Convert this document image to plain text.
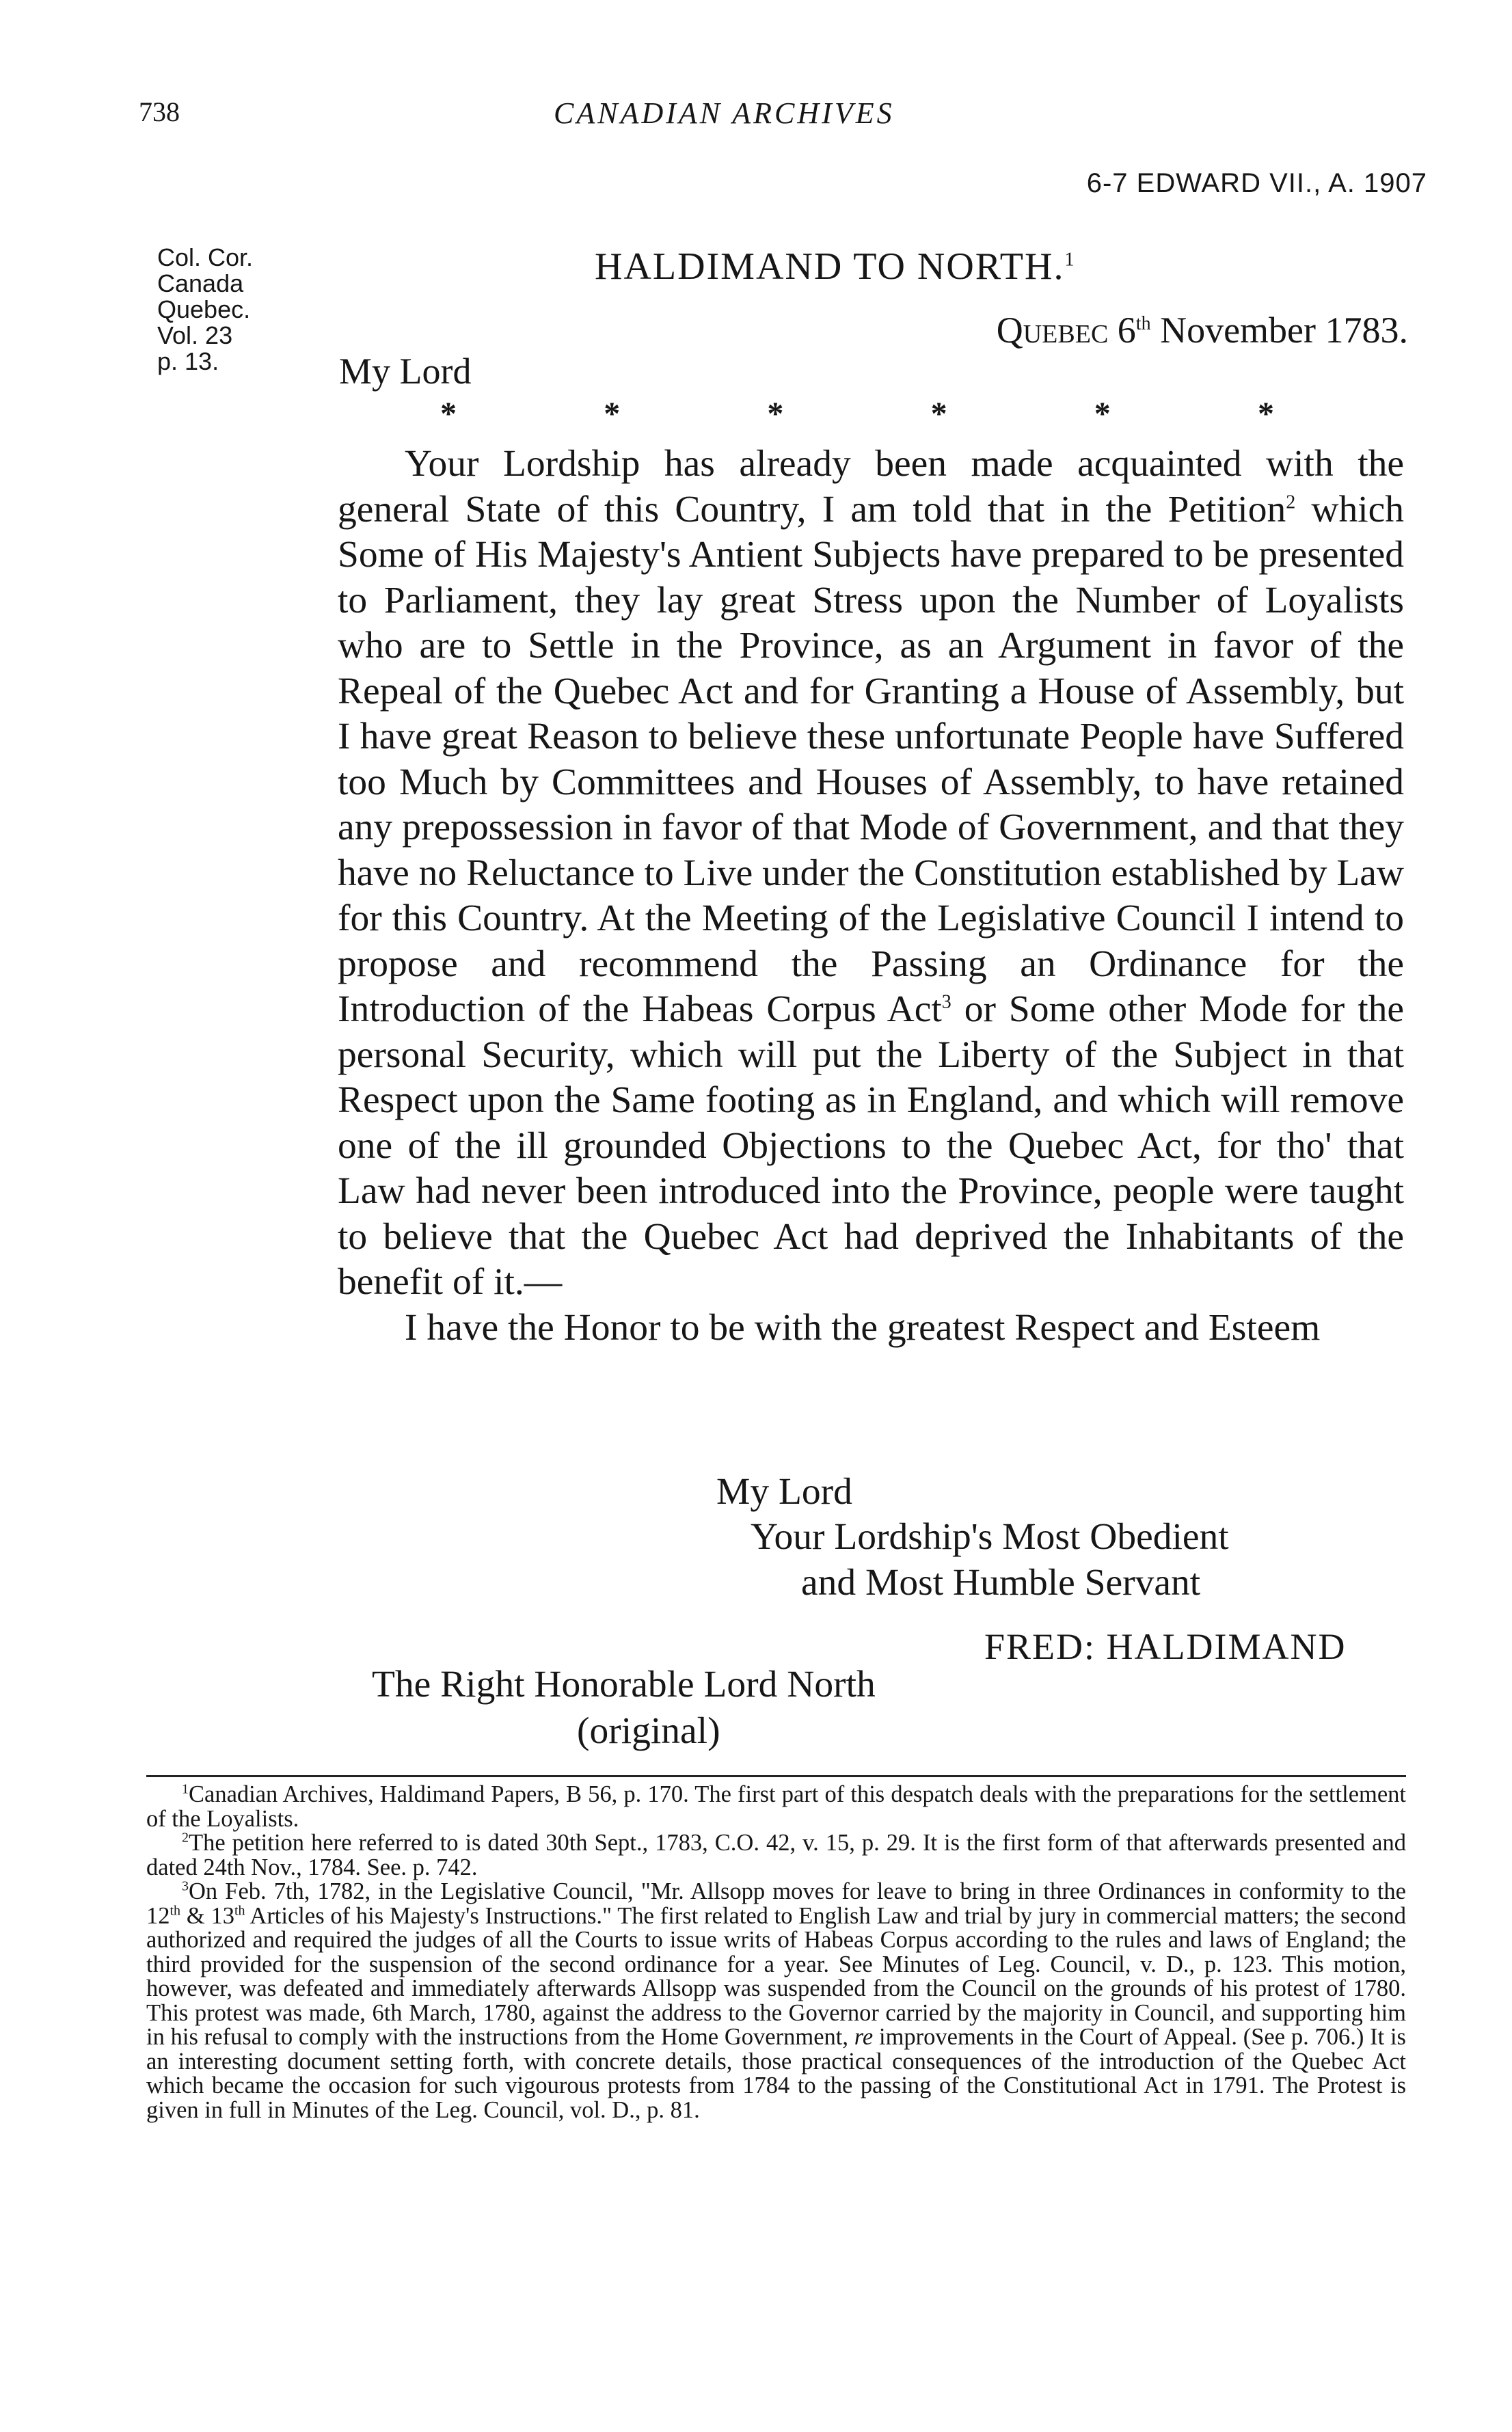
738	CANADIAN ARCHIVES
6-7 EDWARD VII., A. 1907
Col. Cor.
Canada
Quebec.
Vol. 23
p. 13.
HALDIMAND TO NORTH.$^1$
Quebec 6th November 1783.
My Lord
*	*	*	*	*	*

Your Lordship has already been made acquainted with the general State of this Country, I am told that in the Petition$^2$ which Some of His Majesty's Antient Subjects have prepared to be presented to Parliament, they lay great Stress upon the Number of Loyalists who are to Settle in the Province, as an Argument in favor of the Repeal of the Quebec Act and for Granting a House of Assembly, but I have great Reason to believe these unfortunate People have Suffered too Much by Committees and Houses of Assembly, to have retained any prepossession in favor of that Mode of Government, and that they have no Reluctance to Live under the Constitution established by Law for this Country. At the Meeting of the Legislative Council I intend to propose and recommend the Passing an Ordinance for the Introduction of the Habeas Corpus Act$^3$ or Some other Mode for the personal Security, which will put the Liberty of the Subject in that Respect upon the Same footing as in England, and which will remove one of the ill grounded Objections to the Quebec Act, for tho' that Law had never been introduced into the Province, people were taught to believe that the Quebec Act had deprived the Inhabitants of the benefit of it.—

I have the Honor to be with the greatest Respect and Esteem

My Lord
Your Lordship's Most Obedient
and Most Humble Servant
FRED: HALDIMAND
The Right Honorable Lord North
(original)

$^1$Canadian Archives, Haldimand Papers, B 56, p. 170. The first part of this despatch deals with the preparations for the settlement of the Loyalists.

$^2$The petition here referred to is dated 30th Sept., 1783, C.O. 42, v. 15, p. 29. It is the first form of that afterwards presented and dated 24th Nov., 1784. See. p. 742.

$^3$On Feb. 7th, 1782, in the Legislative Council, "Mr. Allsopp moves for leave to bring in three Ordinances in conformity to the 12th & 13th Articles of his Majesty's Instructions." The first related to English Law and trial by jury in commercial matters; the second authorized and required the judges of all the Courts to issue writs of Habeas Corpus according to the rules and laws of England; the third provided for the suspension of the second ordinance for a year. See Minutes of Leg. Council, v. D., p. 123. This motion, however, was defeated and immediately afterwards Allsopp was suspended from the Council on the grounds of his protest of 1780. This protest was made, 6th March, 1780, against the address to the Governor carried by the majority in Council, and supporting him in his refusal to comply with the instructions from the Home Government, re improvements in the Court of Appeal. (See p. 706.) It is an interesting document setting forth, with concrete details, those practical consequences of the introduction of the Quebec Act which became the occasion for such vigourous protests from 1784 to the passing of the Constitutional Act in 1791. The Protest is given in full in Minutes of the Leg. Council, vol. D., p. 81.
